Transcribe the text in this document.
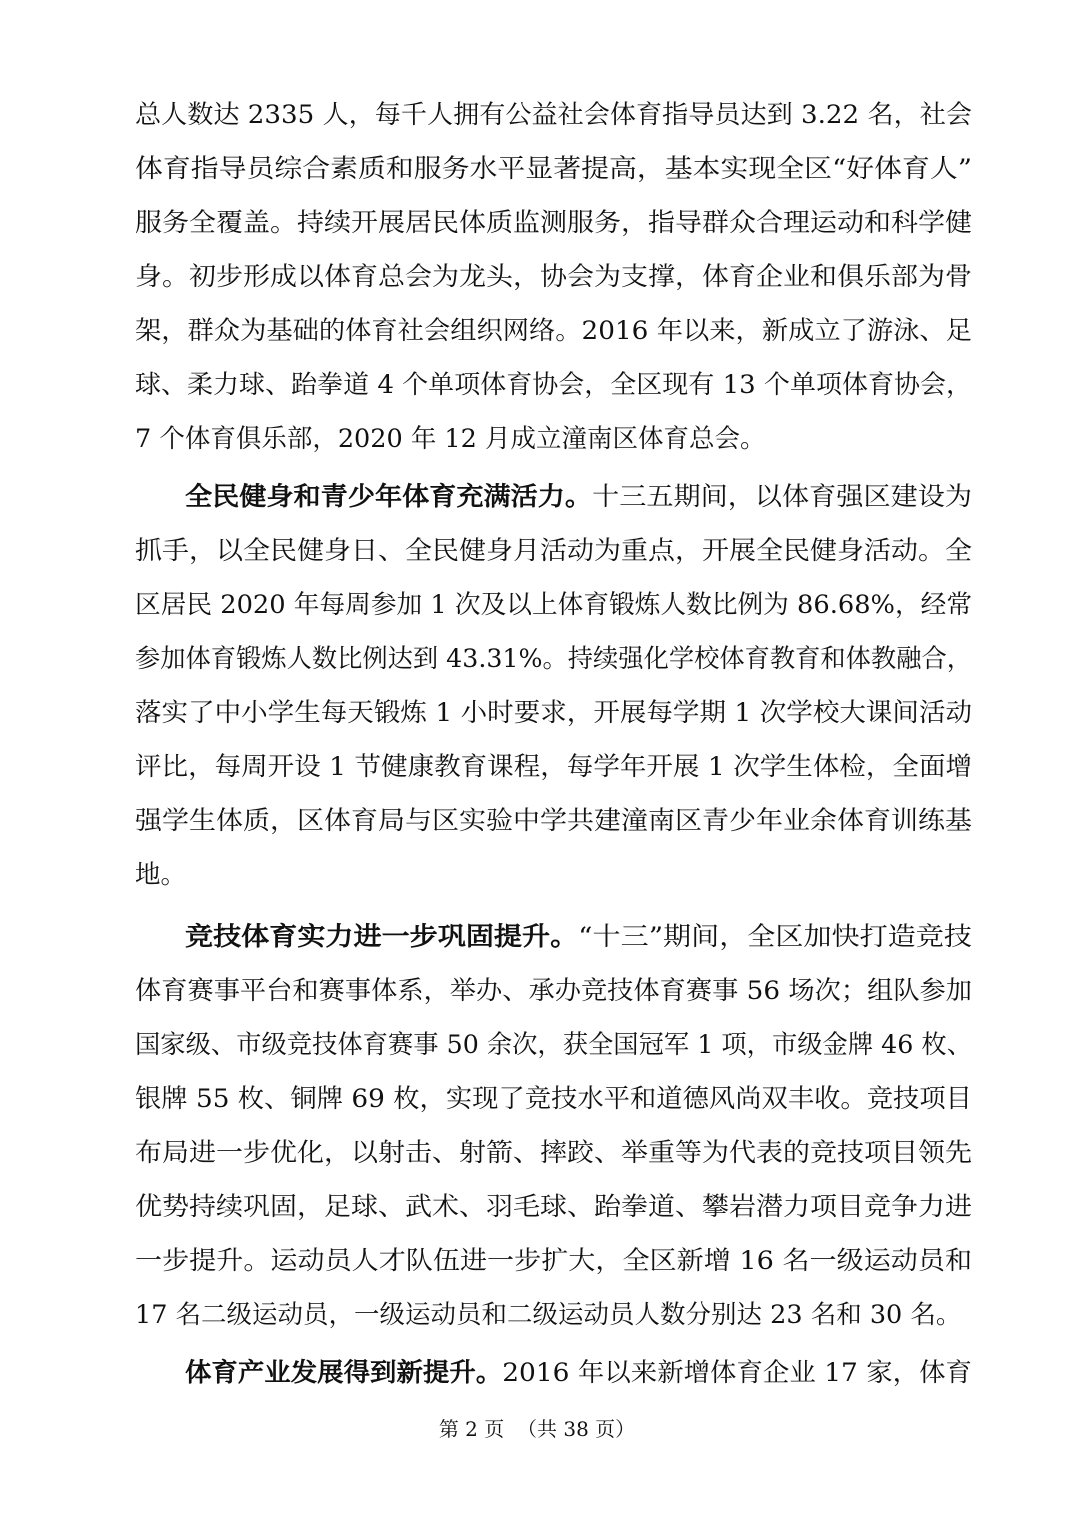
总人数达 2335 人，每千人拥有公益社会体育指导员达到 3.22 名，社会
体育指导员综合素质和服务水平显著提高，基本实现全区“好体育人”
服务全覆盖。持续开展居民体质监测服务，指导群众合理运动和科学健
身。初步形成以体育总会为龙头，协会为支撑，体育企业和俱乐部为骨
架，群众为基础的体育社会组织网络。2016 年以来，新成立了游泳、足
球、柔力球、跆拳道 4 个单项体育协会，全区现有 13 个单项体育协会，
7 个体育俱乐部，2020 年 12 月成立潼南区体育总会。
全民健身和青少年体育充满活力。十三五期间，以体育强区建设为
抓手，以全民健身日、全民健身月活动为重点，开展全民健身活动。全
区居民 2020 年每周参加 1 次及以上体育锻炼人数比例为 86.68%，经常
参加体育锻炼人数比例达到 43.31%。持续强化学校体育教育和体教融合，
落实了中小学生每天锻炼 1 小时要求，开展每学期 1 次学校大课间活动
评比，每周开设 1 节健康教育课程，每学年开展 1 次学生体检，全面增
强学生体质，区体育局与区实验中学共建潼南区青少年业余体育训练基
地。
竞技体育实力进一步巩固提升。“十三”期间，全区加快打造竞技
体育赛事平台和赛事体系，举办、承办竞技体育赛事 56 场次；组队参加
国家级、市级竞技体育赛事 50 余次，获全国冠军 1 项，市级金牌 46 枚、
银牌 55 枚、铜牌 69 枚，实现了竞技水平和道德风尚双丰收。竞技项目
布局进一步优化，以射击、射箭、摔跤、举重等为代表的竞技项目领先
优势持续巩固，足球、武术、羽毛球、跆拳道、攀岩潜力项目竞争力进
一步提升。运动员人才队伍进一步扩大，全区新增 16 名一级运动员和
17 名二级运动员，一级运动员和二级运动员人数分别达 23 名和 30 名。
体育产业发展得到新提升。2016 年以来新增体育企业 17 家，体育
第 2 页  （共 38 页）
